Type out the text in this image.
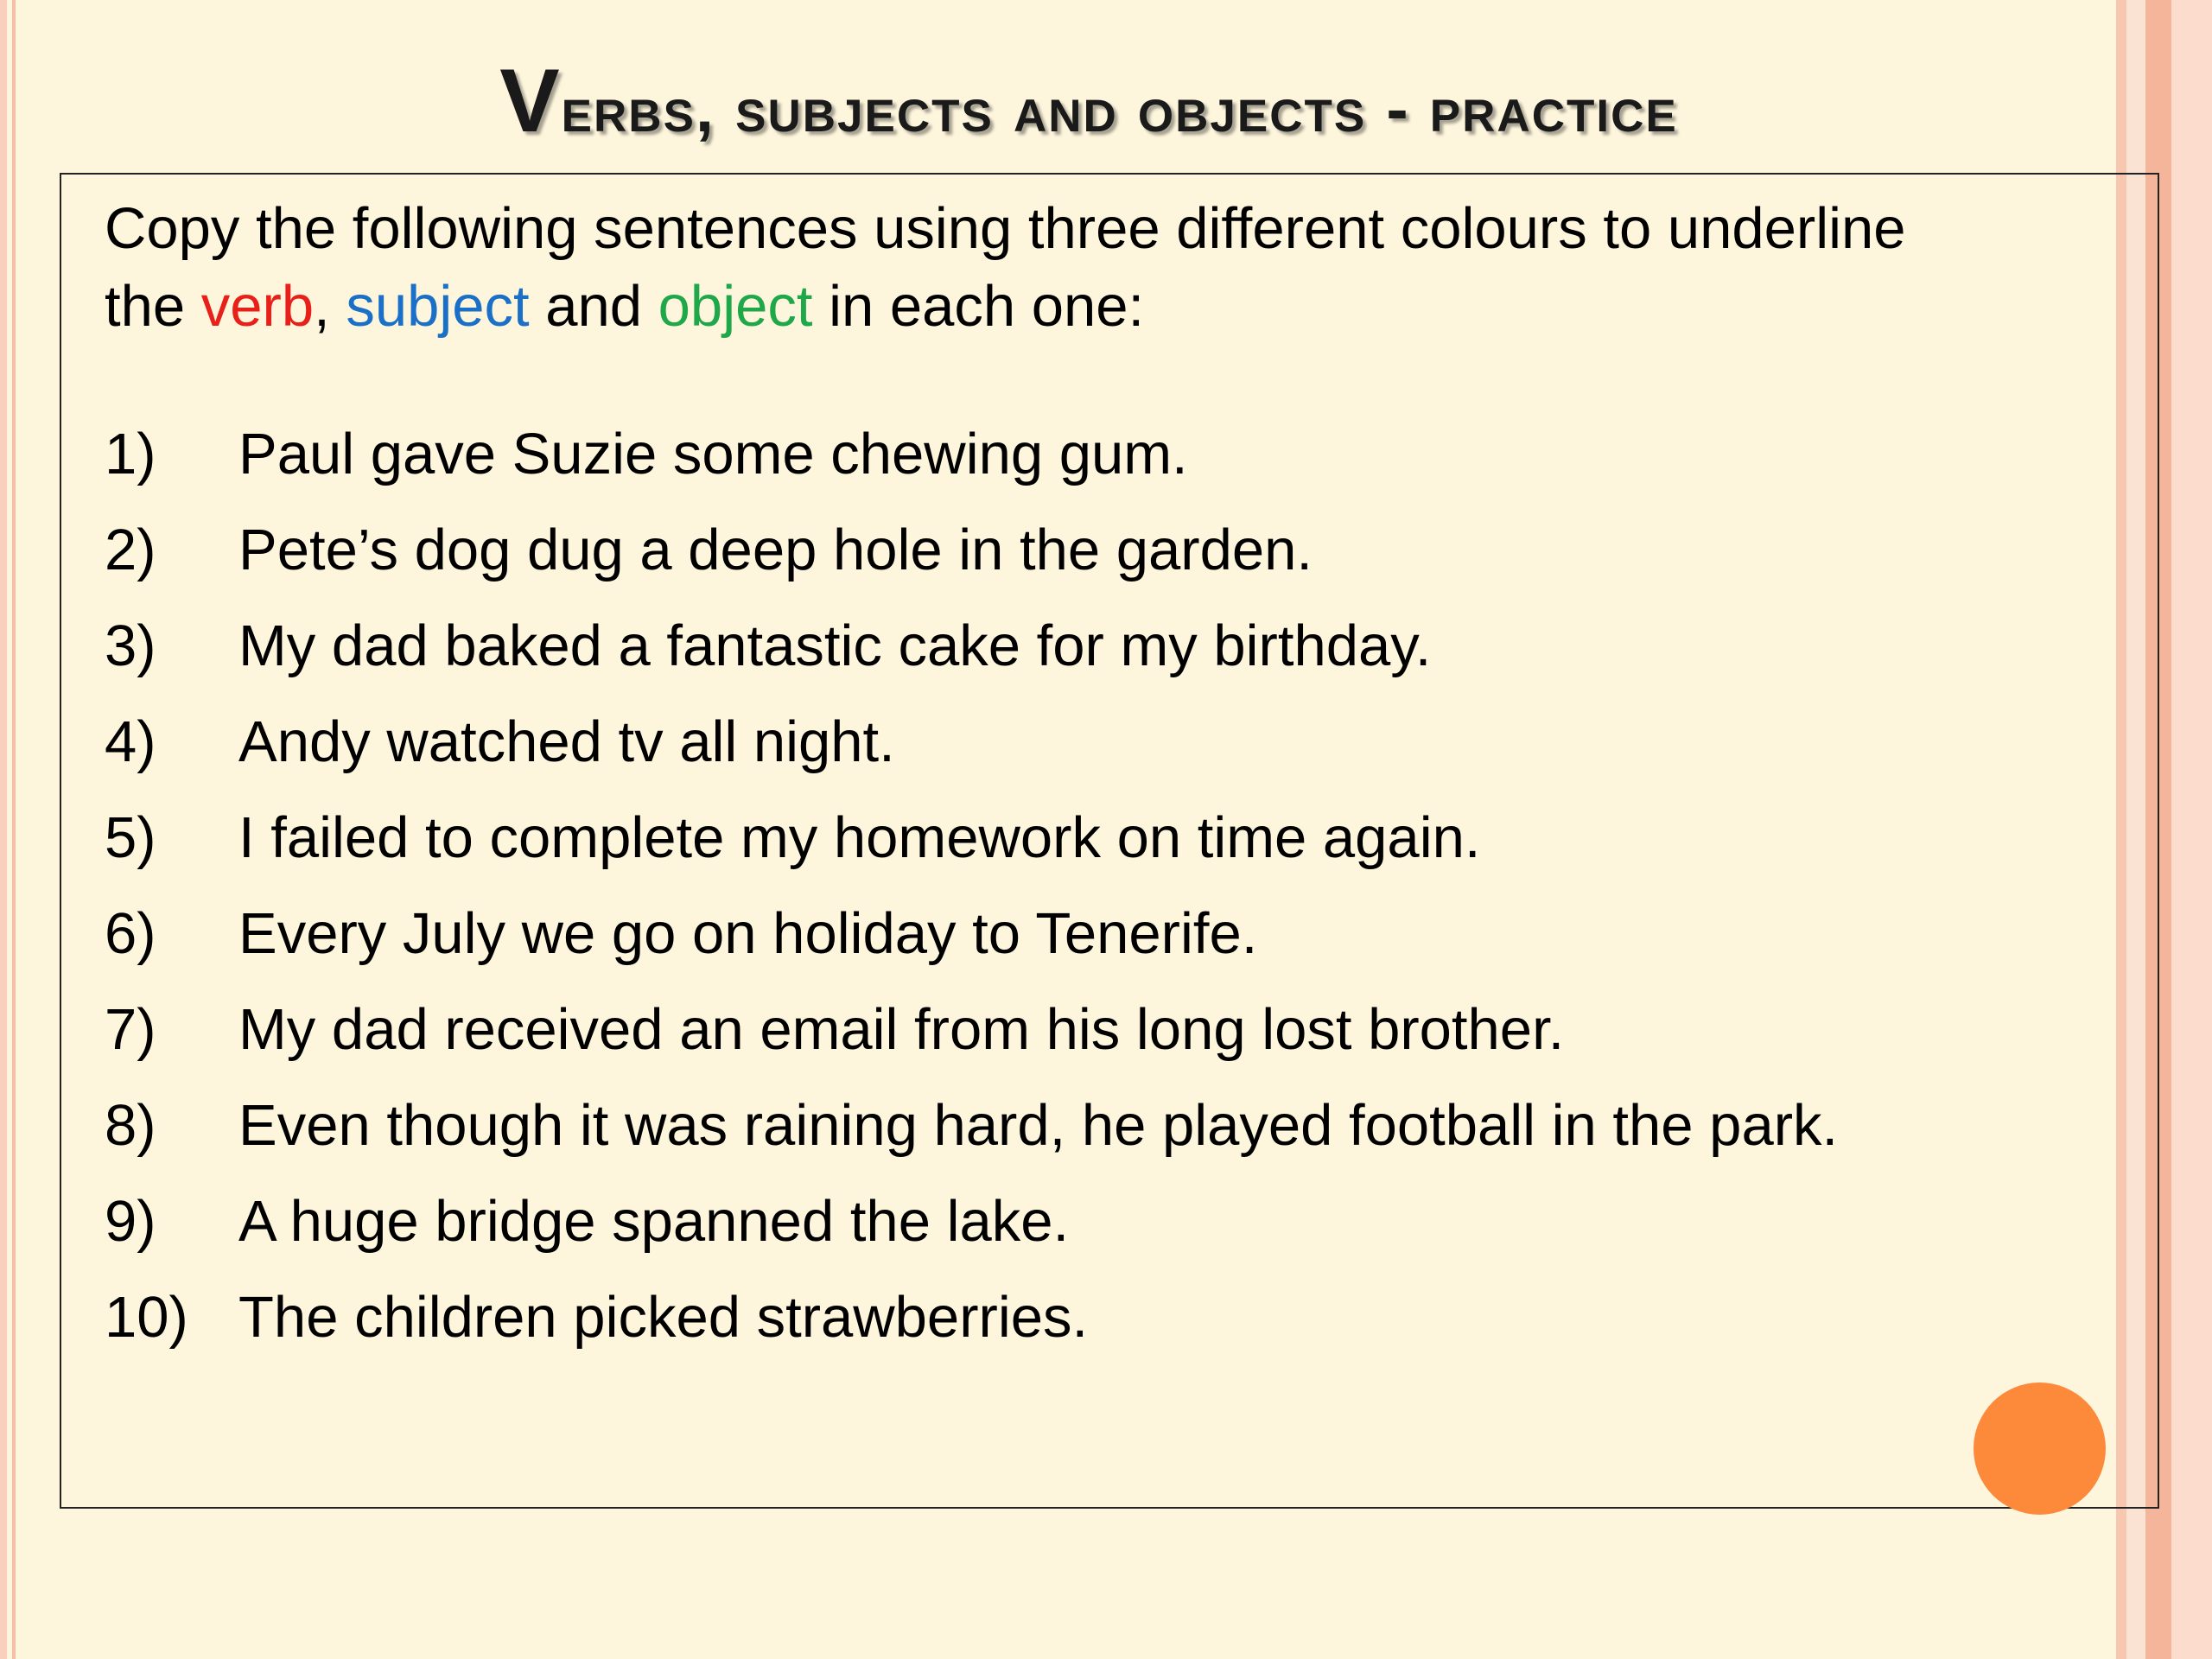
Verbs, subjects and objects - practice
Copy the following sentences using three different colours to underline
the verb, subject and object in each one:
1) Paul gave Suzie some chewing gum.
2) Pete’s dog dug a deep hole in the garden.
3) My dad baked a fantastic cake for my birthday.
4) Andy watched tv all night.
5) I failed to complete my homework on time again.
6) Every July we go on holiday to Tenerife.
7) My dad received an email from his long lost brother.
8) Even though it was raining hard, he played football in the park.
9) A huge bridge spanned the lake.
10) The children picked strawberries.
